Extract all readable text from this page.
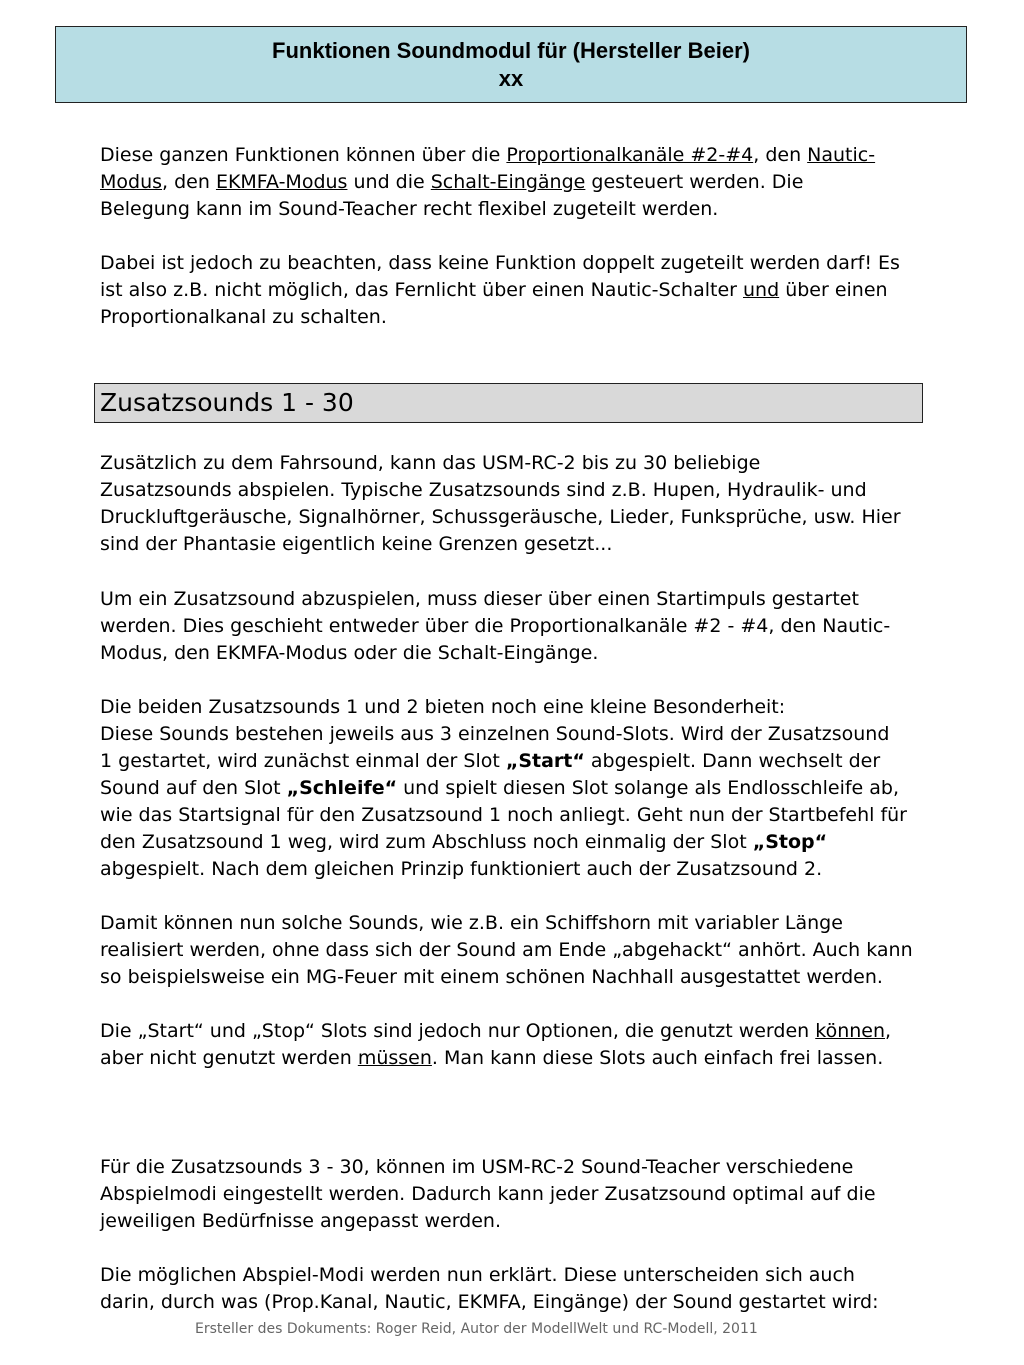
Funktionen Soundmodul für (Hersteller Beier)
xx

Diese ganzen Funktionen können über die Proportionalkanäle #2-#4, den Nautic-
Modus, den EKMFA-Modus und die Schalt-Eingänge gesteuert werden. Die
Belegung kann im Sound-Teacher recht flexibel zugeteilt werden.

Dabei ist jedoch zu beachten, dass keine Funktion doppelt zugeteilt werden darf! Es
ist also z.B. nicht möglich, das Fernlicht über einen Nautic-Schalter und über einen
Proportionalkanal zu schalten.

Zusatzsounds 1 - 30

Zusätzlich zu dem Fahrsound, kann das USM-RC-2 bis zu 30 beliebige
Zusatzsounds abspielen. Typische Zusatzsounds sind z.B. Hupen, Hydraulik- und
Druckluftgeräusche, Signalhörner, Schussgeräusche, Lieder, Funksprüche, usw. Hier
sind der Phantasie eigentlich keine Grenzen gesetzt...

Um ein Zusatzsound abzuspielen, muss dieser über einen Startimpuls gestartet
werden. Dies geschieht entweder über die Proportionalkanäle #2 - #4, den Nautic-
Modus, den EKMFA-Modus oder die Schalt-Eingänge.

Die beiden Zusatzsounds 1 und 2 bieten noch eine kleine Besonderheit:
Diese Sounds bestehen jeweils aus 3 einzelnen Sound-Slots. Wird der Zusatzsound
1 gestartet, wird zunächst einmal der Slot „Start“ abgespielt. Dann wechselt der
Sound auf den Slot „Schleife“ und spielt diesen Slot solange als Endlosschleife ab,
wie das Startsignal für den Zusatzsound 1 noch anliegt. Geht nun der Startbefehl für
den Zusatzsound 1 weg, wird zum Abschluss noch einmalig der Slot „Stop“
abgespielt. Nach dem gleichen Prinzip funktioniert auch der Zusatzsound 2.

Damit können nun solche Sounds, wie z.B. ein Schiffshorn mit variabler Länge
realisiert werden, ohne dass sich der Sound am Ende „abgehackt“ anhört. Auch kann
so beispielsweise ein MG-Feuer mit einem schönen Nachhall ausgestattet werden.

Die „Start“ und „Stop“ Slots sind jedoch nur Optionen, die genutzt werden können,
aber nicht genutzt werden müssen. Man kann diese Slots auch einfach frei lassen.

Für die Zusatzsounds 3 - 30, können im USM-RC-2 Sound-Teacher verschiedene
Abspielmodi eingestellt werden. Dadurch kann jeder Zusatzsound optimal auf die
jeweiligen Bedürfnisse angepasst werden.

Ersteller des Dokuments: Roger Reid, Autor der ModellWelt und RC-Modell, 2011

Die möglichen Abspiel-Modi werden nun erklärt. Diese unterscheiden sich auch
darin, durch was (Prop.Kanal, Nautic, EKMFA, Eingänge) der Sound gestartet wird:
